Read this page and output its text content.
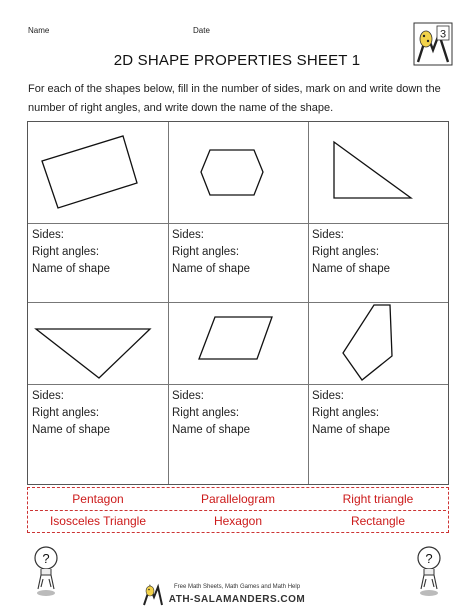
Name	Date	3
2D SHAPE PROPERTIES SHEET 1
For each of the shapes below, fill in the number of sides, mark on and write down the number of right angles, and write down the name of the shape.
Sides:
Right angles:
Name of shape
Sides:
Right angles:
Name of shape
Sides:
Right angles:
Name of shape
Sides:
Right angles:
Name of shape
Sides:
Right angles:
Name of shape
Sides:
Right angles:
Name of shape
Pentagon	Parallelogram	Right triangle
Isosceles Triangle	Hexagon	Rectangle
?	?
Free Math Sheets, Math Games and Math Help
ATH-SALAMANDERS.COM
